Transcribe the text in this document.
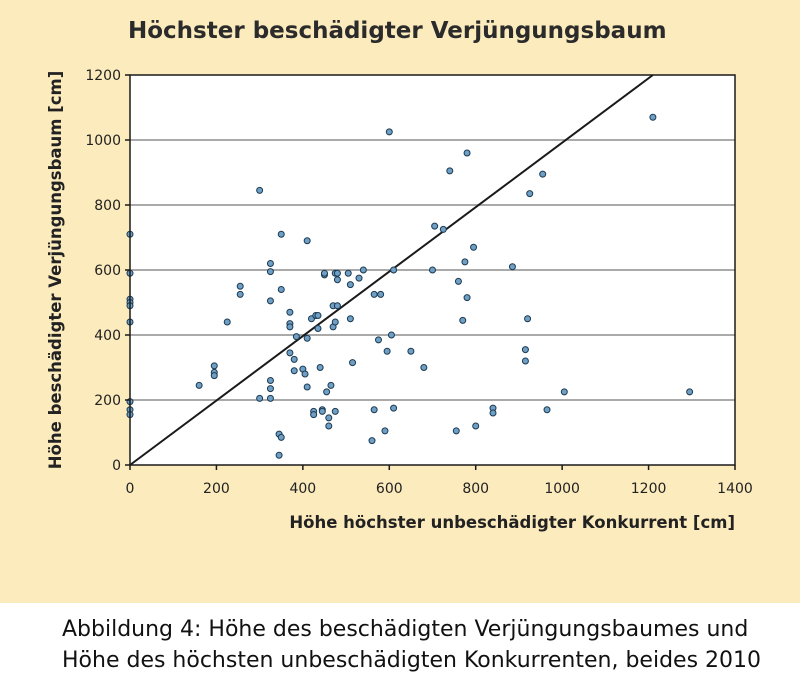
Höchster beschädigter Verjüngungsbaum
0
200
400
600
800
1000
1200
0	200	400	600	800	1000	1200	1400
Höhe höchster unbeschädigter Konkurrent [cm]
Höhe beschädigter Verjüngungsbaum [cm]
Abbildung 4: Höhe des beschädigten Verjüngungsbaumes und
Höhe des höchsten unbeschädigten Konkurrenten, beides 2010
